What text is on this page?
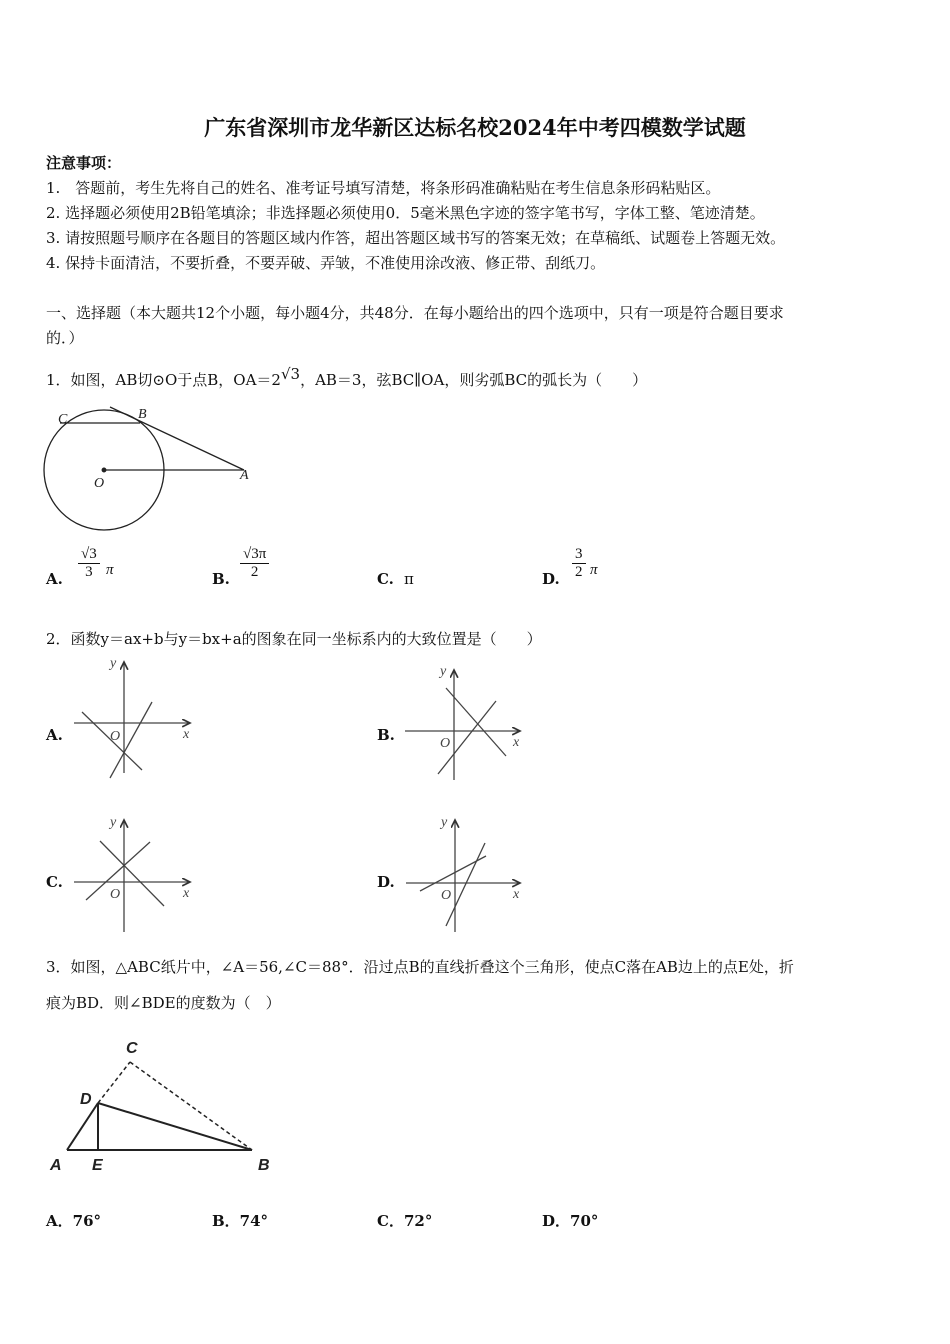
广东省深圳市龙华新区达标名校2024年中考四模数学试题
注意事项：
1.　答题前，考生先将自己的姓名、准考证号填写清楚，将条形码准确粘贴在考生信息条形码粘贴区。
2. 选择题必须使用2B铅笔填涂；非选择题必须使用0．5毫米黑色字迹的签字笔书写，字体工整、笔迹清楚。
3. 请按照题号顺序在各题目的答题区域内作答，超出答题区域书写的答案无效；在草稿纸、试题卷上答题无效。
4. 保持卡面清洁，不要折叠，不要弄破、弄皱，不准使用涂改液、修正带、刮纸刀。
一、选择题（本大题共12个小题，每小题4分，共48分．在每小题给出的四个选项中，只有一项是符合题目要求
的．）
1．如图，AB切⊙O于点B，$OA=2^{√3}$，AB＝3，弦BC∥OA，则劣弧BC的弧长为（　　）
A. $\frac{√3}{3}$ π	B. $\frac{√3\pi}{2}$	C. π	D. $\frac{3}{2}$ π
2．函数y＝ax+b与y＝bx+a的图象在同一坐标系内的大致位置是（　　）
A.	B.
C.	D.
3．如图，△ABC纸片中，∠A＝56,∠C＝88°．沿过点B的直线折叠这个三角形，使点C落在AB边上的点E处，折
痕为BD．则∠BDE的度数为（　）
A．76°	B．74°	C．72°	D．70°
C	B
O
A
O	x
y
O	x
y
O	x
y
O	x
y
C
D
A E	B
